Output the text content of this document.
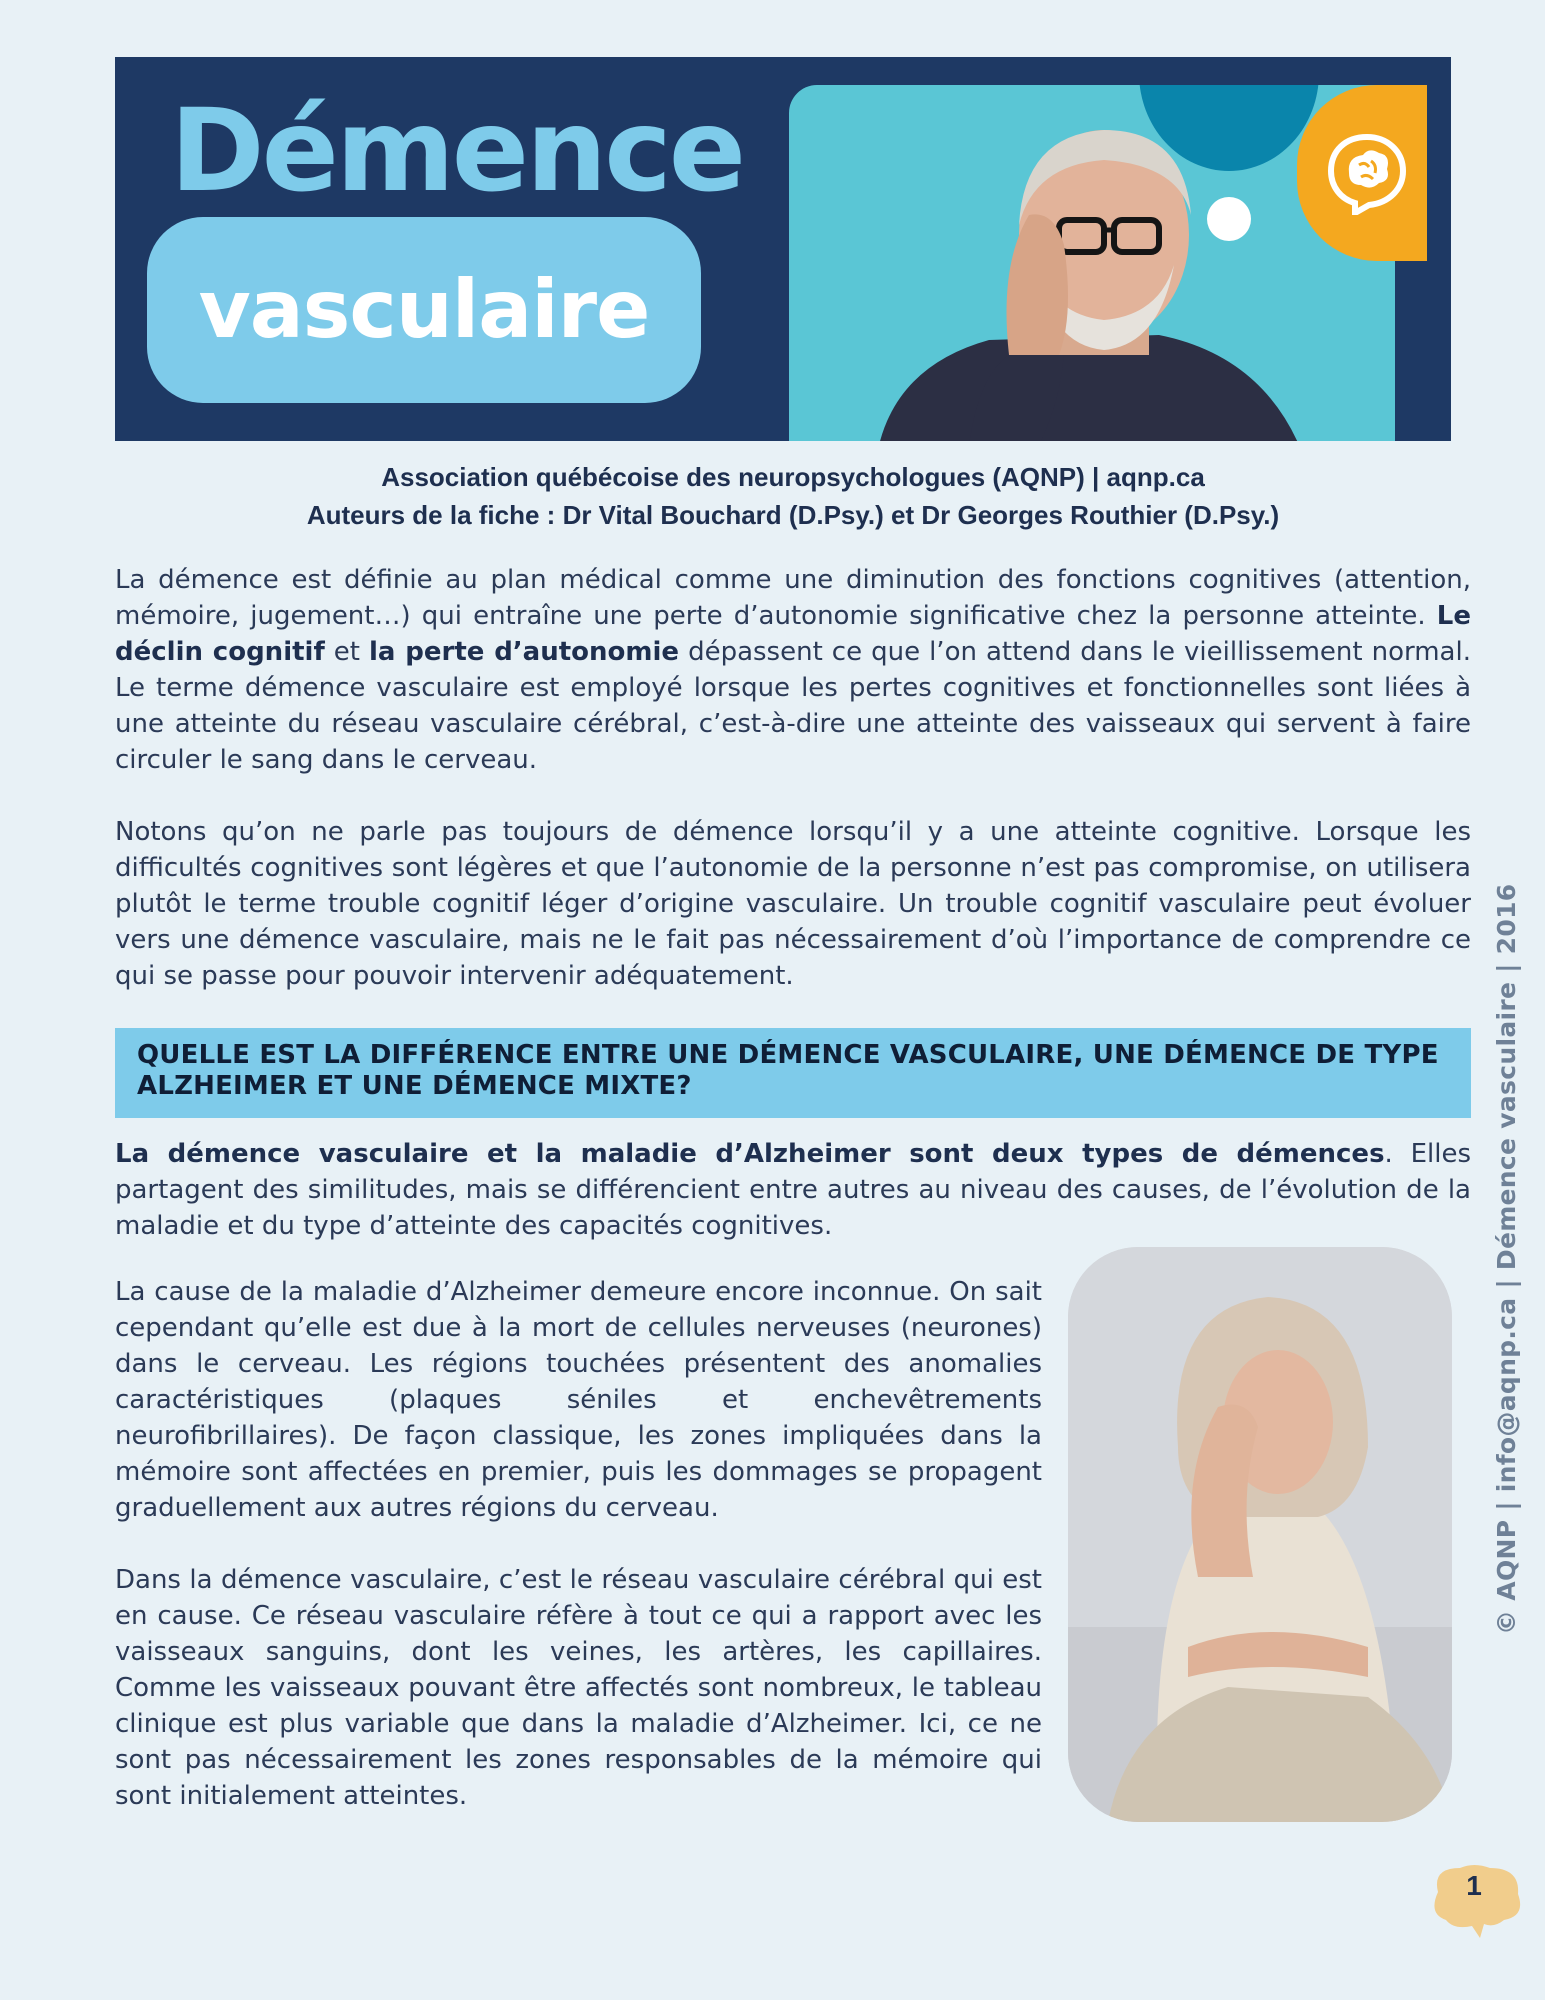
Démence
vasculaire
Association québécoise des neuropsychologues (AQNP) | aqnp.ca
Auteurs de la fiche : Dr Vital Bouchard (D.Psy.) et Dr Georges Routhier (D.Psy.)

La démence est définie au plan médical comme une diminution des fonctions cognitives (attention, mémoire, jugement…) qui entraîne une perte d’autonomie significative chez la personne atteinte. Le déclin cognitif et la perte d’autonomie dépassent ce que l’on attend dans le vieillissement normal. Le terme démence vasculaire est employé lorsque les pertes cognitives et fonctionnelles sont liées à une atteinte du réseau vasculaire cérébral, c’est-à-dire une atteinte des vaisseaux qui servent à faire circuler le sang dans le cerveau.

Notons qu’on ne parle pas toujours de démence lorsqu’il y a une atteinte cognitive. Lorsque les difficultés cognitives sont légères et que l’autonomie de la personne n’est pas compromise, on utilisera plutôt le terme trouble cognitif léger d’origine vasculaire. Un trouble cognitif vasculaire peut évoluer vers une démence vasculaire, mais ne le fait pas nécessairement d’où l’importance de comprendre ce qui se passe pour pouvoir intervenir adéquatement.

QUELLE EST LA DIFFÉRENCE ENTRE UNE DÉMENCE VASCULAIRE, UNE DÉMENCE DE TYPE ALZHEIMER ET UNE DÉMENCE MIXTE?

La démence vasculaire et la maladie d’Alzheimer sont deux types de démences. Elles partagent des similitudes, mais se différencient entre autres au niveau des causes, de l’évolution de la maladie et du type d’atteinte des capacités cognitives.

La cause de la maladie d’Alzheimer demeure encore inconnue. On sait cependant qu’elle est due à la mort de cellules nerveuses (neurones) dans le cerveau. Les régions touchées présentent des anomalies caractéristiques (plaques séniles et enchevêtrements neurofibrillaires). De façon classique, les zones impliquées dans la mémoire sont affectées en premier, puis les dommages se propagent graduellement aux autres régions du cerveau.

Dans la démence vasculaire, c’est le réseau vasculaire cérébral qui est en cause. Ce réseau vasculaire réfère à tout ce qui a rapport avec les vaisseaux sanguins, dont les veines, les artères, les capillaires. Comme les vaisseaux pouvant être affectés sont nombreux, le tableau clinique est plus variable que dans la maladie d’Alzheimer. Ici, ce ne sont pas nécessairement les zones responsables de la mémoire qui sont initialement atteintes.

© AQNP | info@aqnp.ca | Démence vasculaire | 2016
1
